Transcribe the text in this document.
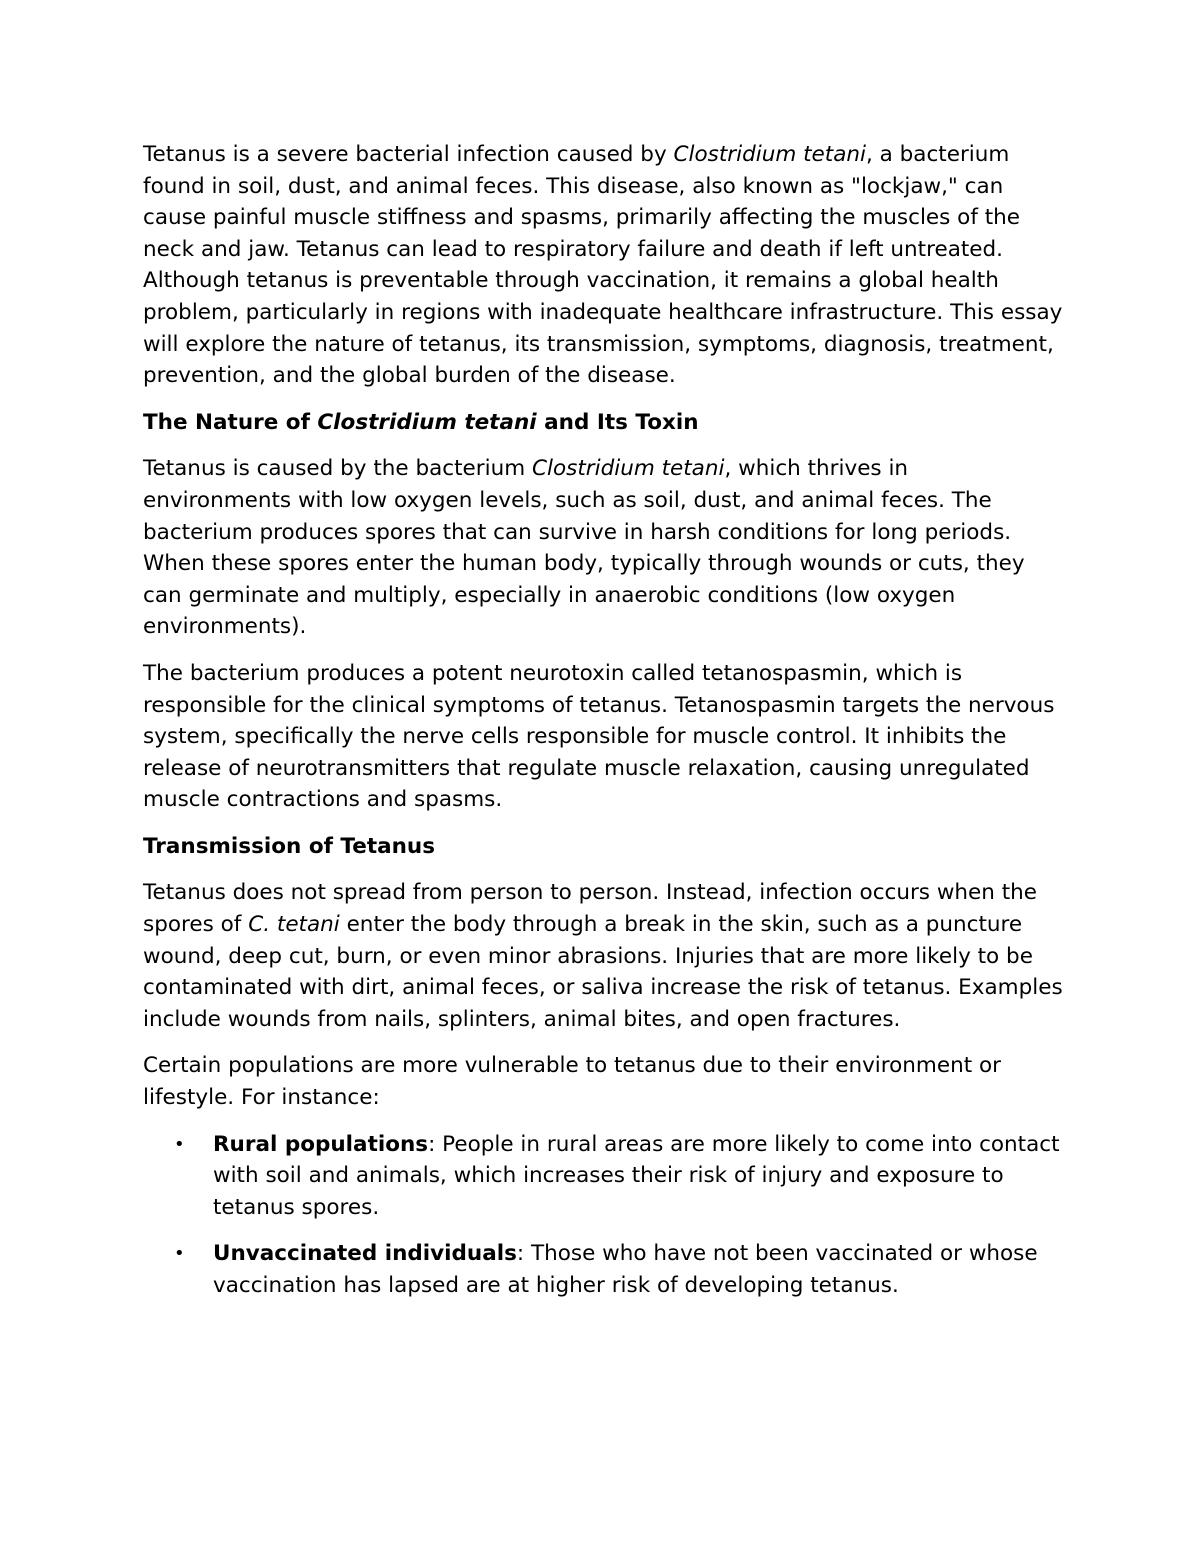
Tetanus is a severe bacterial infection caused by Clostridium tetani, a bacterium found in soil, dust, and animal feces. This disease, also known as "lockjaw," can cause painful muscle stiffness and spasms, primarily affecting the muscles of the neck and jaw. Tetanus can lead to respiratory failure and death if left untreated. Although tetanus is preventable through vaccination, it remains a global health problem, particularly in regions with inadequate healthcare infrastructure. This essay will explore the nature of tetanus, its transmission, symptoms, diagnosis, treatment, prevention, and the global burden of the disease.

The Nature of Clostridium tetani and Its Toxin

Tetanus is caused by the bacterium Clostridium tetani, which thrives in environments with low oxygen levels, such as soil, dust, and animal feces. The bacterium produces spores that can survive in harsh conditions for long periods. When these spores enter the human body, typically through wounds or cuts, they can germinate and multiply, especially in anaerobic conditions (low oxygen environments).

The bacterium produces a potent neurotoxin called tetanospasmin, which is responsible for the clinical symptoms of tetanus. Tetanospasmin targets the nervous system, specifically the nerve cells responsible for muscle control. It inhibits the release of neurotransmitters that regulate muscle relaxation, causing unregulated muscle contractions and spasms.

Transmission of Tetanus

Tetanus does not spread from person to person. Instead, infection occurs when the spores of C. tetani enter the body through a break in the skin, such as a puncture wound, deep cut, burn, or even minor abrasions. Injuries that are more likely to be contaminated with dirt, animal feces, or saliva increase the risk of tetanus. Examples include wounds from nails, splinters, animal bites, and open fractures.

Certain populations are more vulnerable to tetanus due to their environment or lifestyle. For instance:

• Rural populations: People in rural areas are more likely to come into contact with soil and animals, which increases their risk of injury and exposure to tetanus spores.
• Unvaccinated individuals: Those who have not been vaccinated or whose vaccination has lapsed are at higher risk of developing tetanus.
